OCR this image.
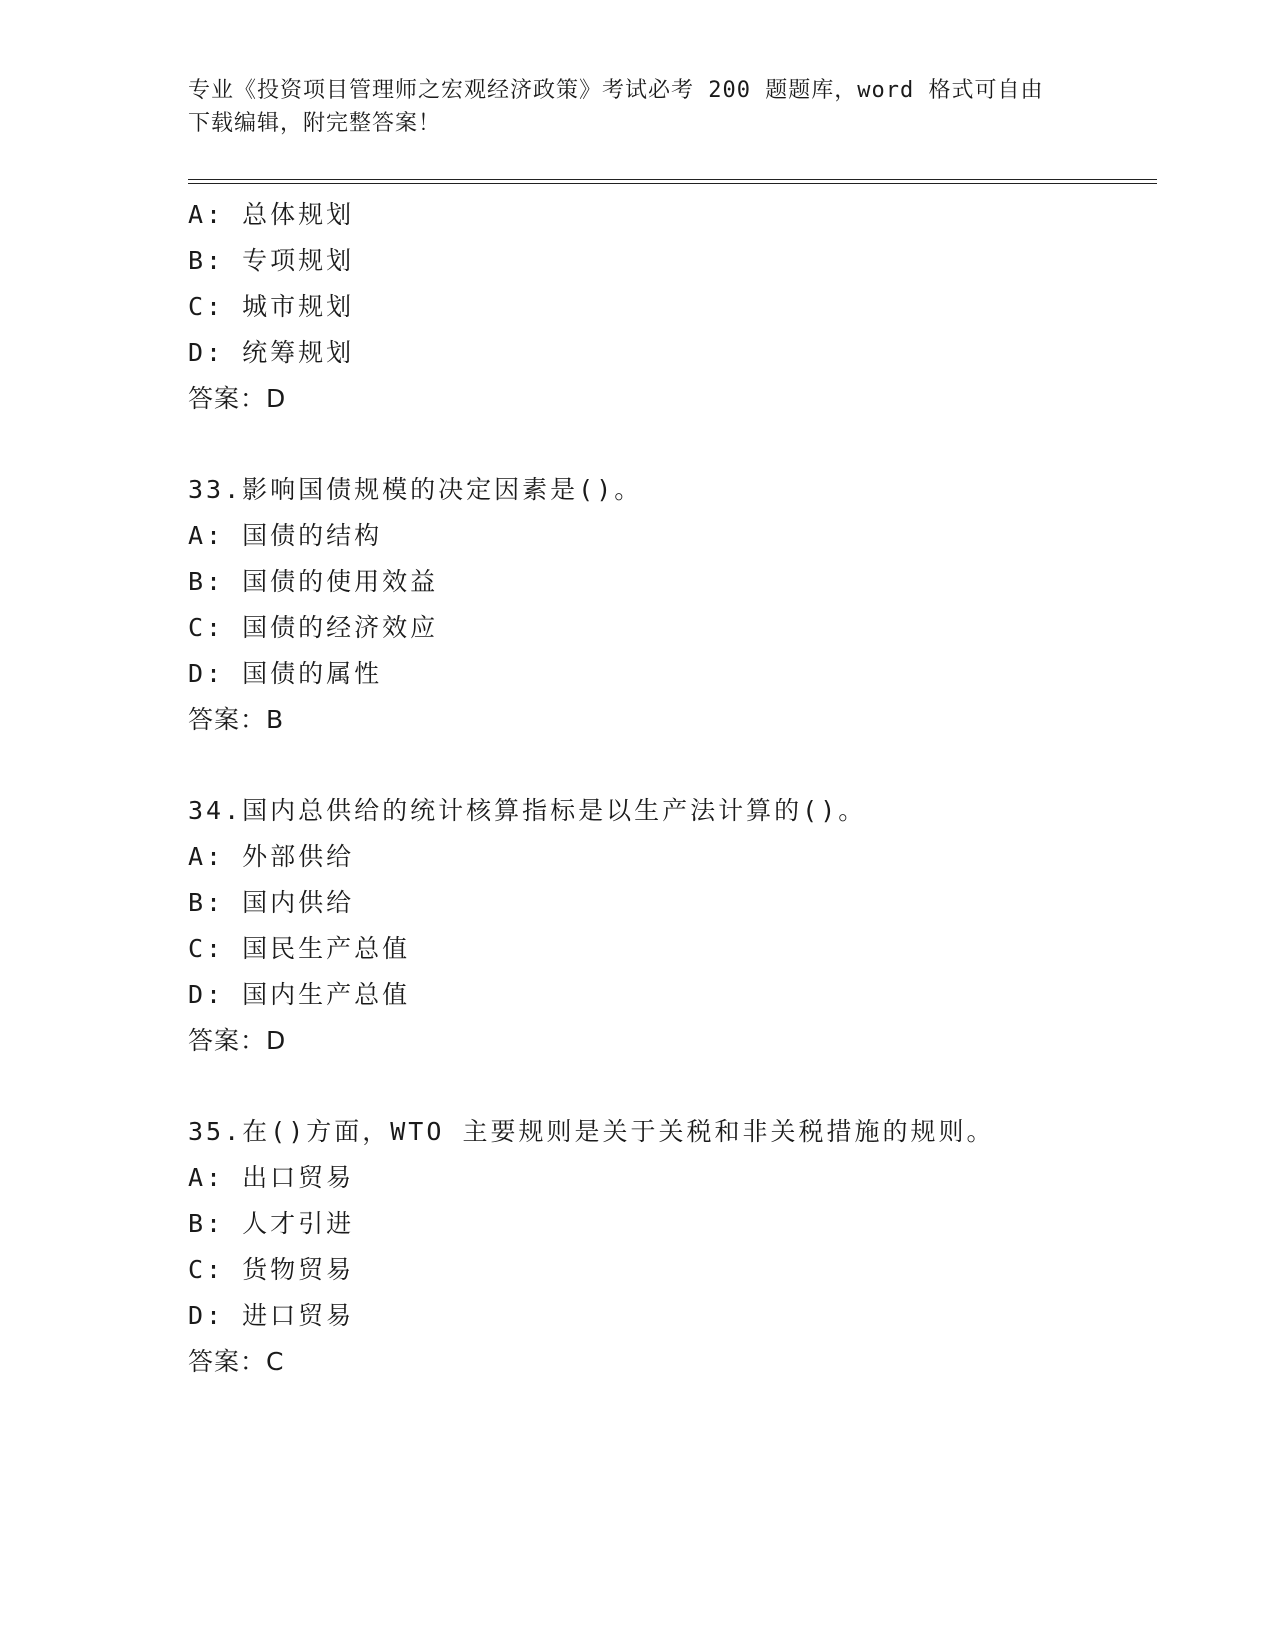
专业《投资项目管理师之宏观经济政策》考试必考 200 题题库，word 格式可自由
下载编辑，附完整答案！
A: 总体规划
B: 专项规划
C: 城市规划
D: 统筹规划
答案：D
33.影响国债规模的决定因素是()。
A: 国债的结构
B: 国债的使用效益
C: 国债的经济效应
D: 国债的属性
答案：B
34.国内总供给的统计核算指标是以生产法计算的()。
A: 外部供给
B: 国内供给
C: 国民生产总值
D: 国内生产总值
答案：D
35.在()方面，WTO 主要规则是关于关税和非关税措施的规则。
A: 出口贸易
B: 人才引进
C: 货物贸易
D: 进口贸易
答案：C
